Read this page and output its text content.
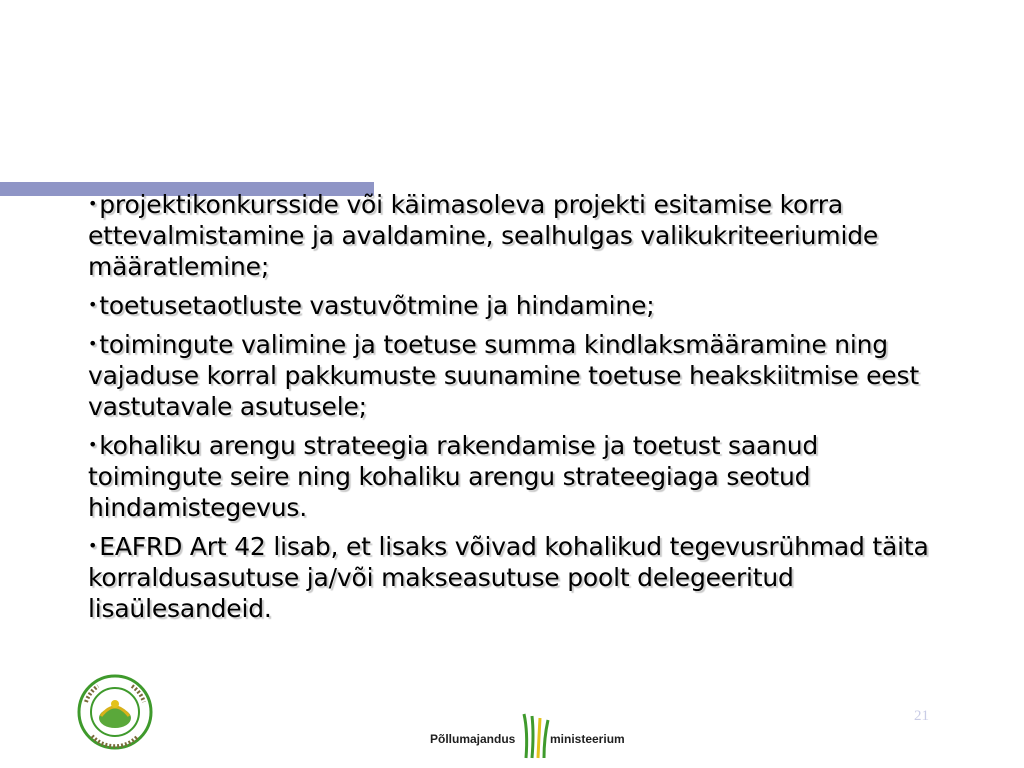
•projektikonkursside või käimasoleva projekti esitamise korra ettevalmistamine ja avaldamine, sealhulgas valikukriteeriumide määratlemine;
•toetusetaotluste vastuvõtmine ja hindamine;
•toimingute valimine ja toetuse summa kindlaksmääramine ning vajaduse korral pakkumuste suunamine toetuse heakskiitmise eest vastutavale asutusele;
•kohaliku arengu strateegia rakendamise ja toetust saanud toimingute seire ning kohaliku arengu strateegiaga seotud hindamistegevus.
•EAFRD Art 42 lisab, et lisaks võivad kohalikud tegevusrühmad täita korraldusasutuse ja/või makseasutuse poolt delegeeritud lisaülesandeid.
21
Põllumajandus	ministeerium
